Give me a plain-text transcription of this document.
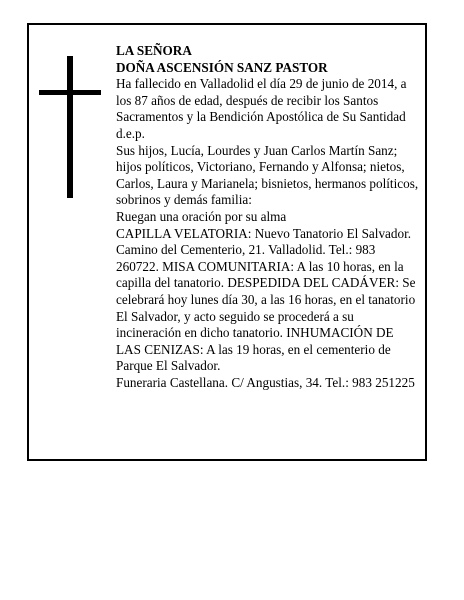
LA SEÑORA

DOÑA ASCENSIÓN SANZ PASTOR

Ha fallecido en Valladolid el día 29 de junio de 2014, a los 87 años de edad, después de recibir los Santos Sacramentos y la Bendición Apostólica de Su Santidad d.e.p.

Sus hijos, Lucía, Lourdes y Juan Carlos Martín Sanz; hijos políticos, Victoriano, Fernando y Alfonsa; nietos, Carlos, Laura y Marianela; bisnietos, hermanos políticos, sobrinos y demás familia:

Ruegan una oración por su alma

CAPILLA VELATORIA: Nuevo Tanatorio El Salvador. Camino del Cementerio, 21. Valladolid. Tel.: 983 260722. MISA COMUNITARIA: A las 10 horas, en la capilla del tanatorio. DESPEDIDA DEL CADÁVER: Se celebrará hoy lunes día 30, a las 16 horas, en el tanatorio El Salvador, y acto seguido se procederá a su incineración en dicho tanatorio. INHUMACIÓN DE LAS CENIZAS: A las 19 horas, en el cementerio de Parque El Salvador.

Funeraria Castellana. C/ Angustias, 34. Tel.: 983 251225
